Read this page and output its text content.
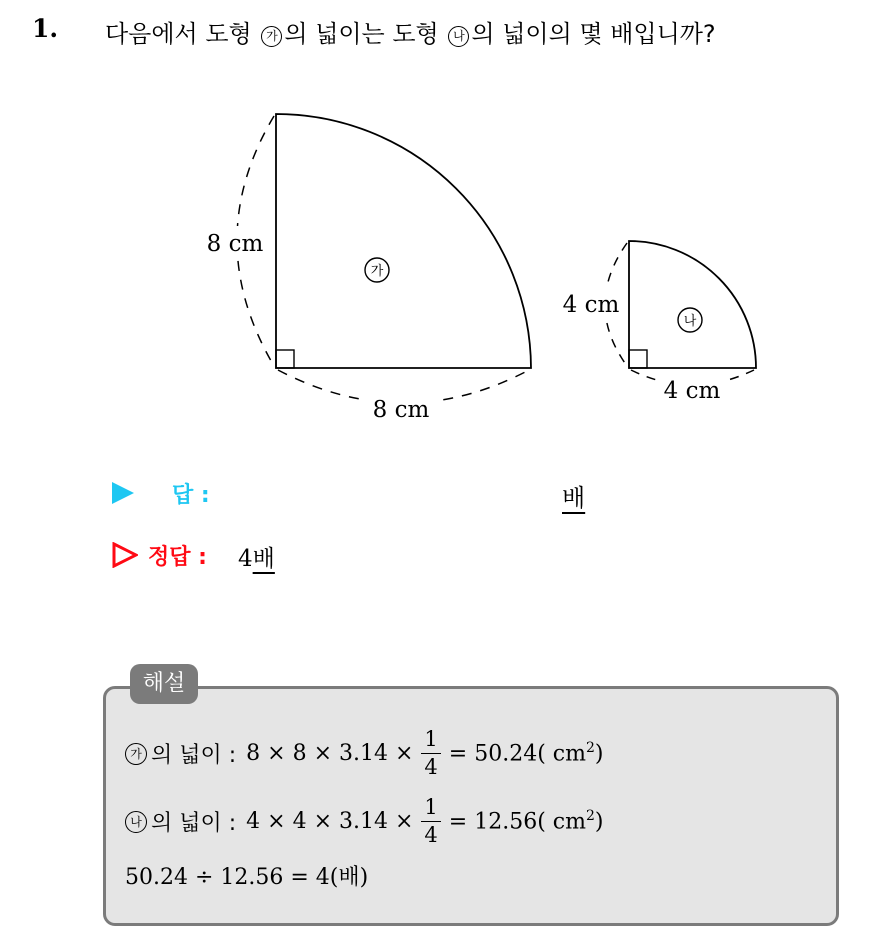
1. 다음에서 도형 가 의 넓이는 도형 나 의 넓이의 몇 배입니까?
8 cm
8 cm
가
4 cm
4 cm
나
답 :	배
정답 : 4배
해설
가 의 넓이 : $8 \times 8 \times 3.14 \times \frac{1}{4} = 50.24$( $cm^2$)
나 의 넓이 : $4 \times 4 \times 3.14 \times \frac{1}{4} = 12.56$( $cm^2$)
50.24 ÷ 12.56 = 4(배)
